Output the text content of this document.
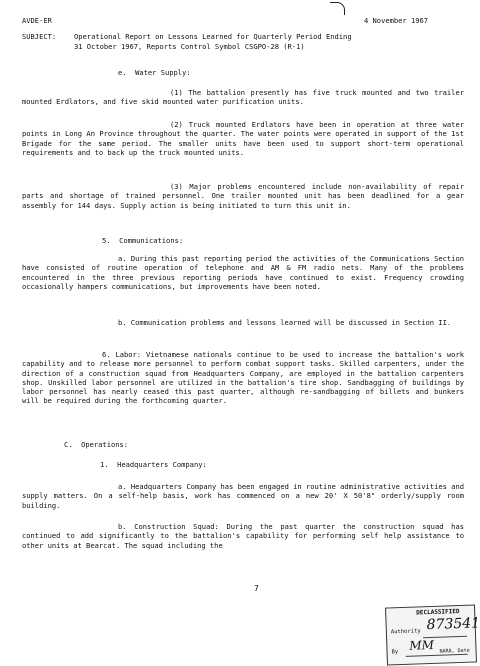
AVDE-ER	4 November 1967
SUBJECT:	Operational Report on Lessons Learned for Quarterly Period Ending
31 October 1967, Reports Control Symbol CSGPO-28 (R-1)
e.  Water Supply:
(1) The battalion presently has five truck mounted and two trailer mounted Erdlators, and five skid mounted water purification units.
(2) Truck mounted Erdlators have been in operation at three water points in Long An Province throughout the quarter. The water points were operated in support of the 1st Brigade for the same period. The smaller units have been used to support short-term operational requirements and to back up the truck mounted units.
(3) Major problems encountered include non-availability of repair parts and shortage of trained personnel. One trailer mounted unit has been deadlined for a gear assembly for 144 days. Supply action is being initiated to turn this unit in.
5.  Communications:
a. During this past reporting period the activities of the Communications Section have consisted of routine operation of telephone and AM & FM radio nets. Many of the problems encountered in the three previous reporting periods have continued to exist. Frequency crowding occasionally hampers communications, but improvements have been noted.
b. Communication problems and lessons learned will be discussed in Section II.
6. Labor: Vietnamese nationals continue to be used to increase the battalion's work capability and to release more personnel to perform combat support tasks. Skilled carpenters, under the direction of a construction squad from Headquarters Company, are employed in the battalion carpenters shop. Unskilled labor personnel are utilized in the battalion's tire shop. Sandbagging of buildings by labor personnel has nearly ceased this past quarter, although re-sandbagging of billets and bunkers will be required during the forthcoming quarter.
C.  Operations:
1.  Headquarters Company:
a. Headquarters Company has been engaged in routine administrative activities and supply matters. On a self-help basis, work has commenced on a new 20' X 50'8" orderly/supply room building.
b. Construction Squad: During the past quarter the construction squad has continued to add significantly to the battalion's capability for performing self help assistance to other units at Bearcat. The squad including the
7
DECLASSIFIED
Authority 873541
By MM NARA, Date
